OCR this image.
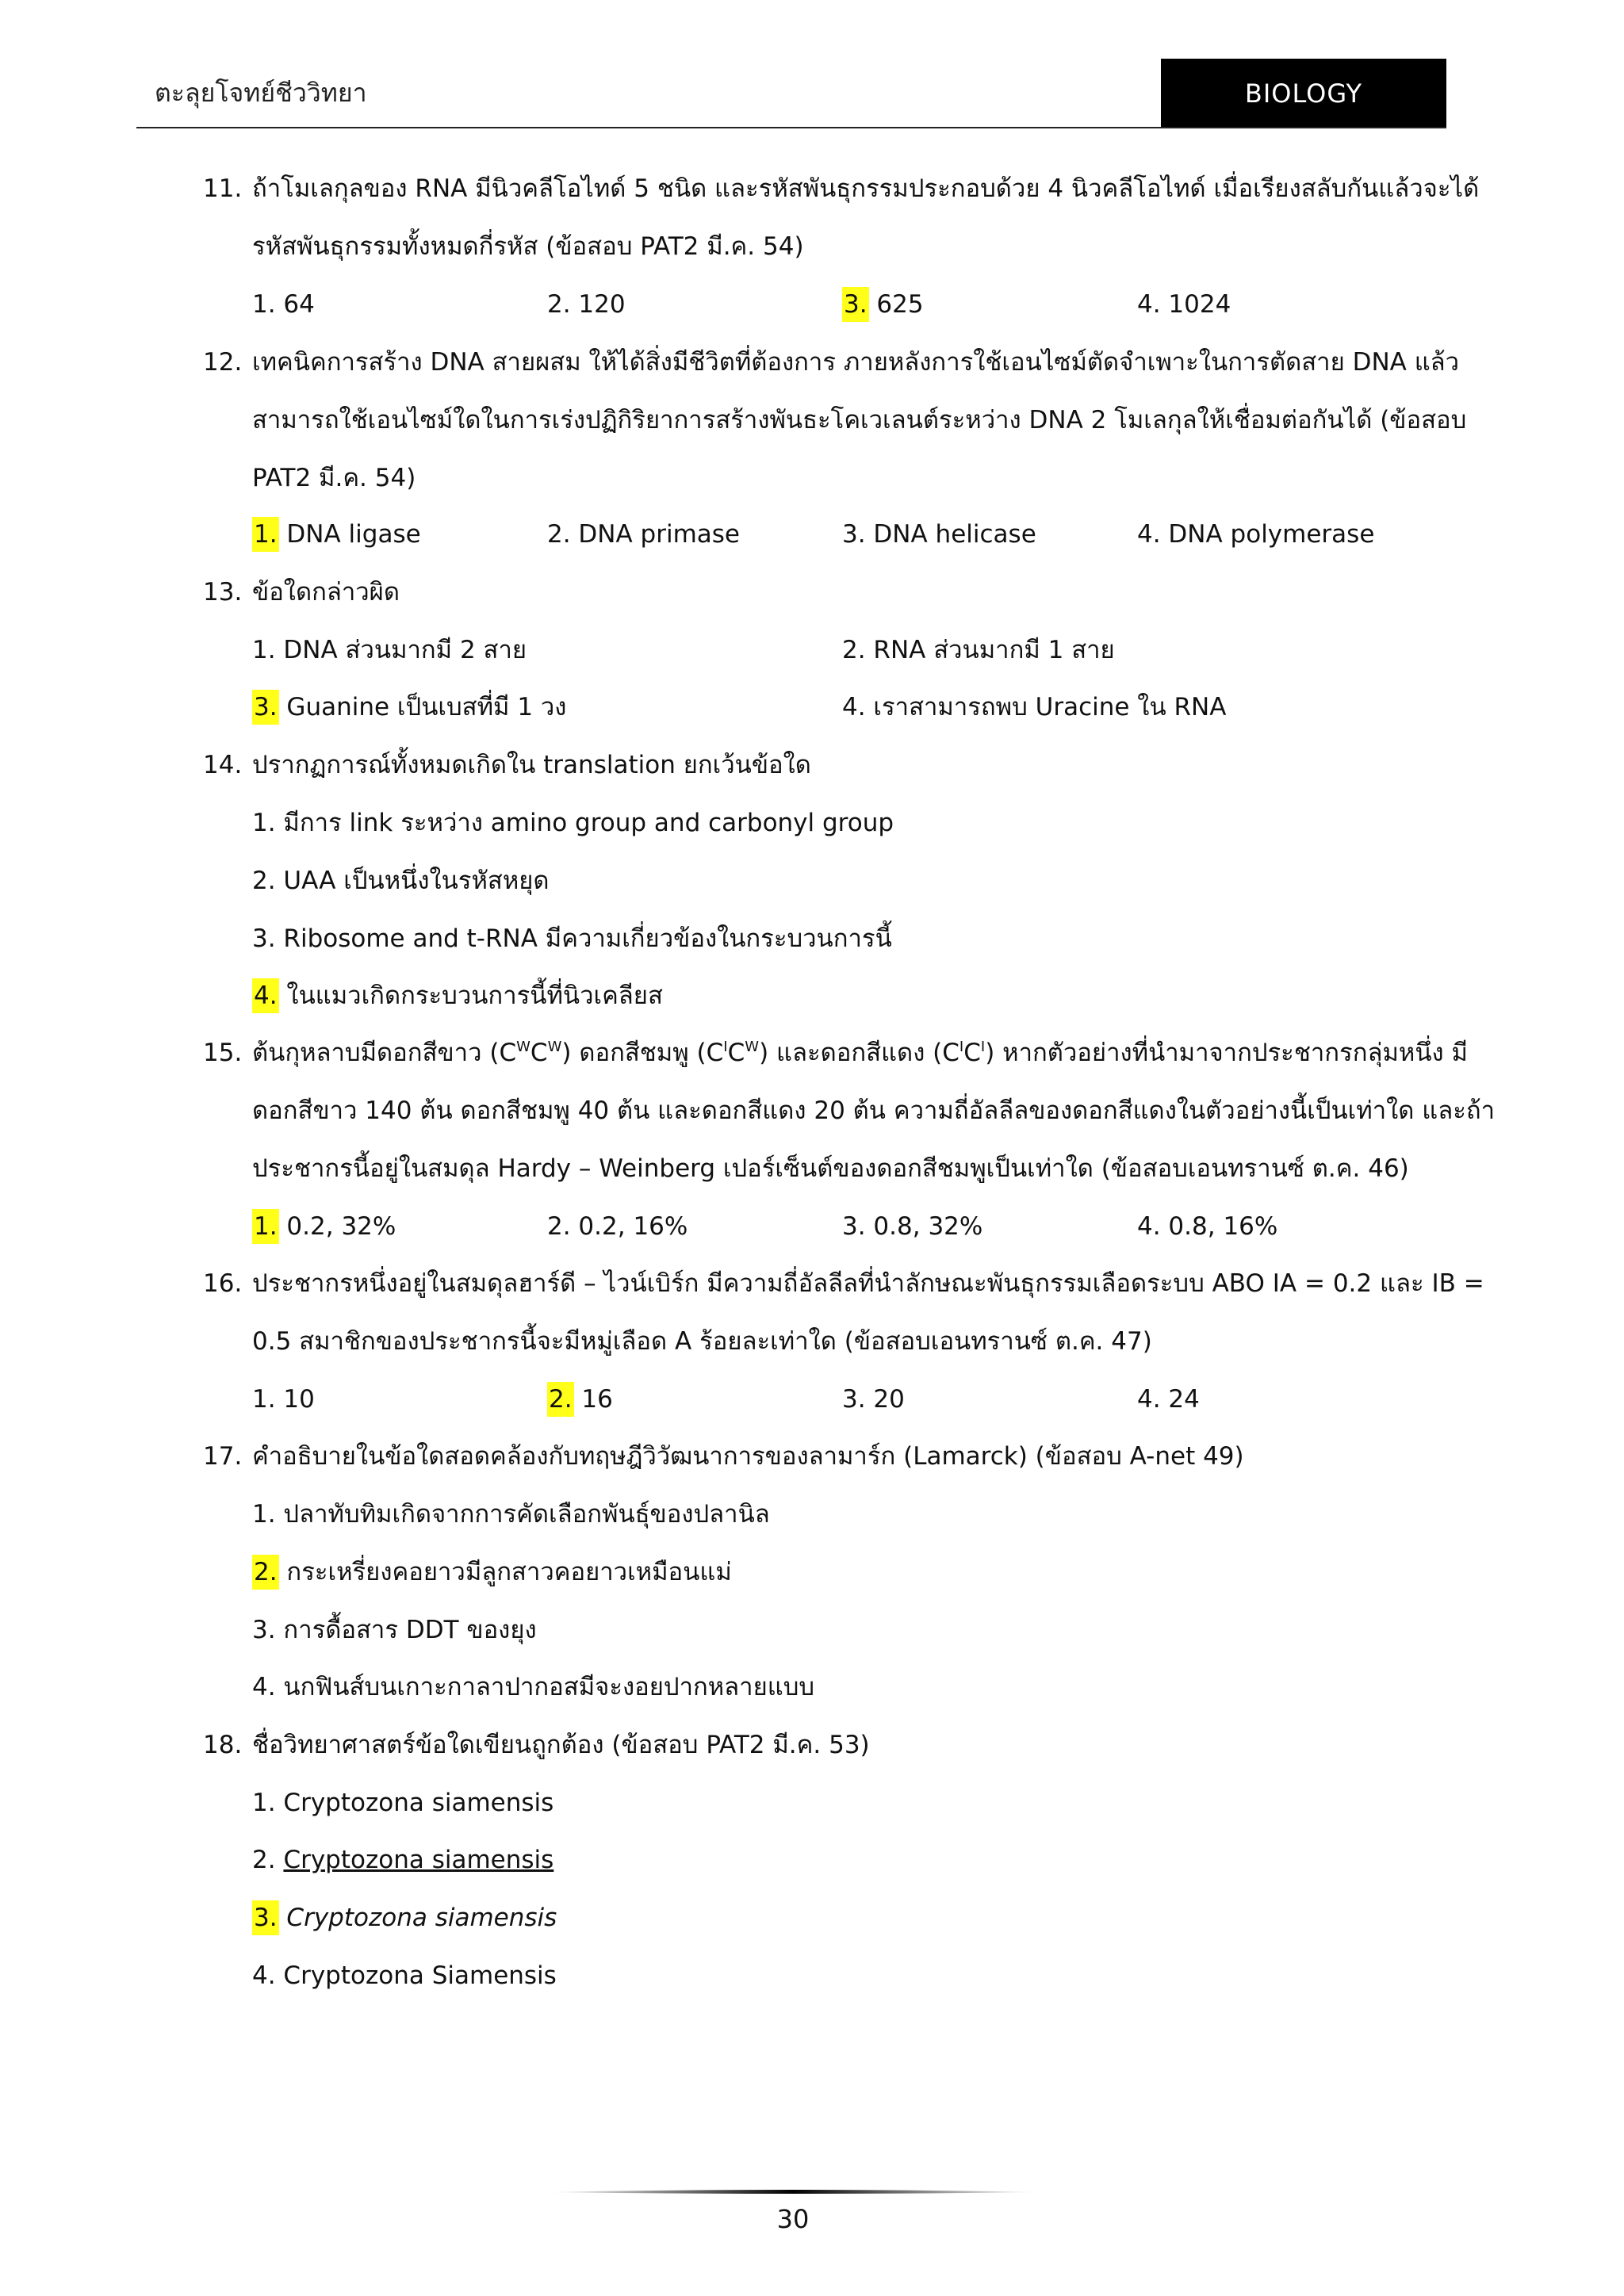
ตะลุยโจทย์ชีววิทยา	BIOLOGY
11. ถ้าโมเลกุลของ RNA มีนิวคลีโอไทด์ 5 ชนิด และรหัสพันธุกรรมประกอบด้วย 4 นิวคลีโอไทด์ เมื่อเรียงสลับกันแล้วจะได้
รหัสพันธุกรรมทั้งหมดกี่รหัส (ข้อสอบ PAT2 มี.ค. 54)
1. 64	2. 120	3. 625	4. 1024
12. เทคนิคการสร้าง DNA สายผสม ให้ได้สิ่งมีชีวิตที่ต้องการ ภายหลังการใช้เอนไซม์ตัดจำเพาะในการตัดสาย DNA แล้ว
สามารถใช้เอนไซม์ใดในการเร่งปฏิกิริยาการสร้างพันธะโคเวเลนต์ระหว่าง DNA 2 โมเลกุลให้เชื่อมต่อกันได้ (ข้อสอบ
PAT2 มี.ค. 54)
1. DNA ligase	2. DNA primase	3. DNA helicase	4. DNA polymerase
13. ข้อใดกล่าวผิด
1. DNA ส่วนมากมี 2 สาย	2. RNA ส่วนมากมี 1 สาย
3. Guanine เป็นเบสที่มี 1 วง	4. เราสามารถพบ Uracine ใน RNA
14. ปรากฏการณ์ทั้งหมดเกิดใน translation ยกเว้นข้อใด
1. มีการ link ระหว่าง amino group and carbonyl group
2. UAA เป็นหนึ่งในรหัสหยุด
3. Ribosome and t-RNA มีความเกี่ยวข้องในกระบวนการนี้
4. ในแมวเกิดกระบวนการนี้ที่นิวเคลียส
15. ต้นกุหลาบมีดอกสีขาว $(C^WC^W)$ ดอกสีชมพู $(C^IC^W)$ และดอกสีแดง $(C^IC^I)$ หากตัวอย่างที่นำมาจากประชากรกลุ่มหนึ่ง มี
ดอกสีขาว 140 ต้น ดอกสีชมพู 40 ต้น และดอกสีแดง 20 ต้น ความถี่อัลลีลของดอกสีแดงในตัวอย่างนี้เป็นเท่าใด และถ้า
ประชากรนี้อยู่ในสมดุล Hardy – Weinberg เปอร์เซ็นต์ของดอกสีชมพูเป็นเท่าใด (ข้อสอบเอนทรานซ์ ต.ค. 46)
1. 0.2, 32%	2. 0.2, 16%	3. 0.8, 32%	4. 0.8, 16%
16. ประชากรหนึ่งอยู่ในสมดุลฮาร์ดี – ไวน์เบิร์ก มีความถี่อัลลีลที่นำลักษณะพันธุกรรมเลือดระบบ ABO IA = 0.2 และ IB =
0.5 สมาชิกของประชากรนี้จะมีหมู่เลือด A ร้อยละเท่าใด (ข้อสอบเอนทรานซ์ ต.ค. 47)
1. 10	2. 16	3. 20	4. 24
17. คำอธิบายในข้อใดสอดคล้องกับทฤษฎีวิวัฒนาการของลามาร์ก (Lamarck) (ข้อสอบ A-net 49)
1. ปลาทับทิมเกิดจากการคัดเลือกพันธุ์ของปลานิล
2. กระเหรี่ยงคอยาวมีลูกสาวคอยาวเหมือนแม่
3. การดื้อสาร DDT ของยุง
4. นกฟินส์บนเกาะกาลาปากอสมีจะงอยปากหลายแบบ
18. ชื่อวิทยาศาสตร์ข้อใดเขียนถูกต้อง (ข้อสอบ PAT2 มี.ค. 53)
1. Cryptozona siamensis
2. Cryptozona siamensis
3. Cryptozona siamensis
4. Cryptozona Siamensis
30
